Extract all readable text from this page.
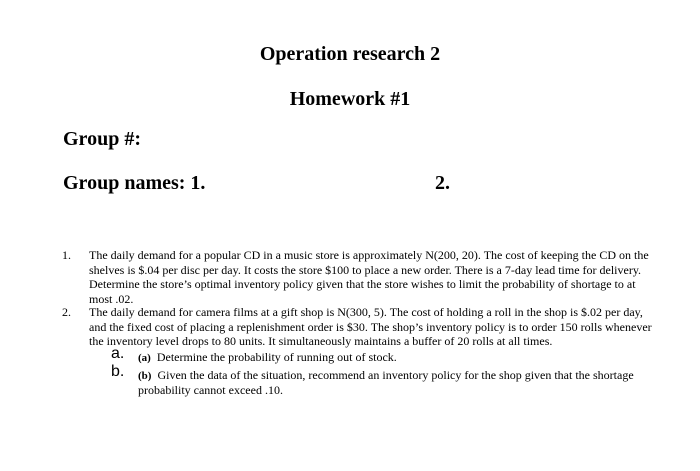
Operation research 2
Homework #1

Group #:

Group names: 1.	2.

1.	The daily demand for a popular CD in a music store is approximately N(200, 20). The cost of keeping the CD on the shelves is $.04 per disc per day. It costs the store $100 to place a new order. There is a 7-day lead time for delivery. Determine the store’s optimal inventory policy given that the store wishes to limit the probability of shortage to at most .02.
2.	The daily demand for camera films at a gift shop is N(300, 5). The cost of holding a roll in the shop is $.02 per day, and the fixed cost of placing a replenishment order is $30. The shop’s inventory policy is to order 150 rolls whenever the inventory level drops to 80 units. It simultaneously maintains a buffer of 20 rolls at all times.
a.	(a) Determine the probability of running out of stock.
b.	(b) Given the data of the situation, recommend an inventory policy for the shop given that the shortage probability cannot exceed .10.
